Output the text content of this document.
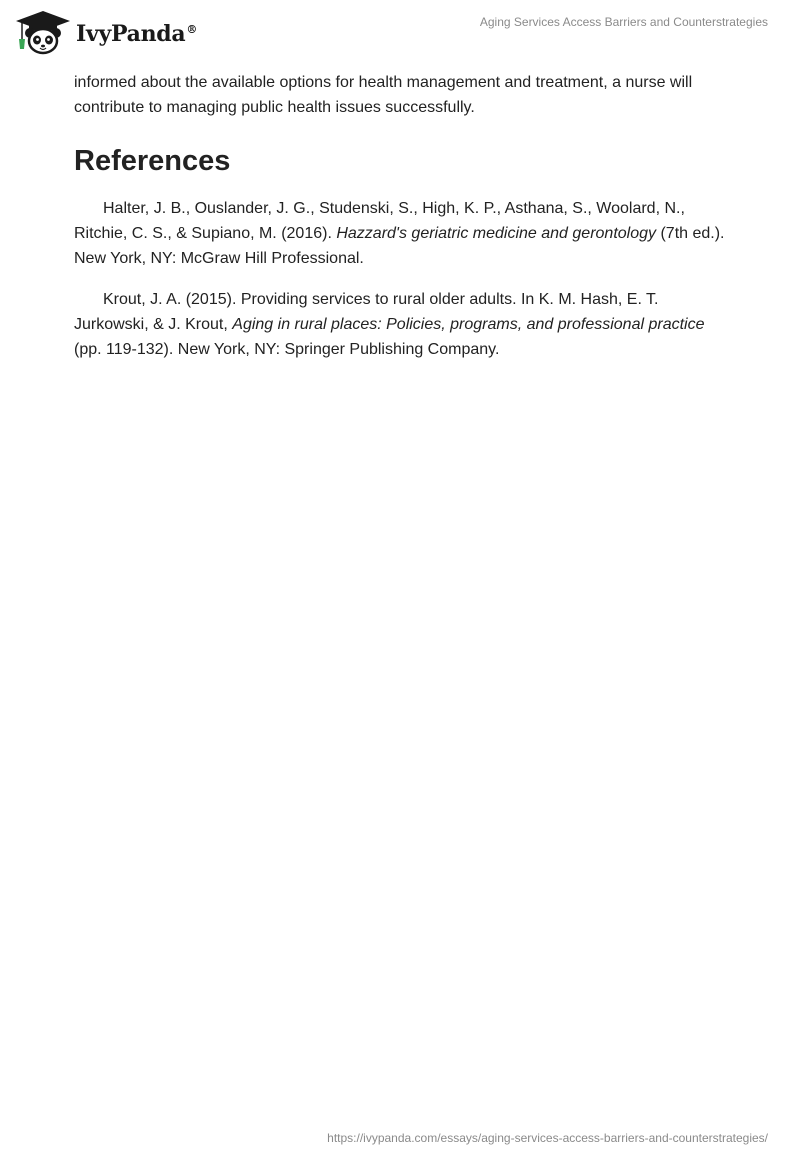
IvyPanda®
Aging Services Access Barriers and Counterstrategies

informed about the available options for health management and treatment, a nurse will contribute to managing public health issues successfully.

References

Halter, J. B., Ouslander, J. G., Studenski, S., High, K. P., Asthana, S., Woolard, N., Ritchie, C. S., & Supiano, M. (2016). Hazzard's geriatric medicine and gerontology (7th ed.). New York, NY: McGraw Hill Professional.

Krout, J. A. (2015). Providing services to rural older adults. In K. M. Hash, E. T. Jurkowski, & J. Krout, Aging in rural places: Policies, programs, and professional practice (pp. 119-132). New York, NY: Springer Publishing Company.

https://ivypanda.com/essays/aging-services-access-barriers-and-counterstrategies/
